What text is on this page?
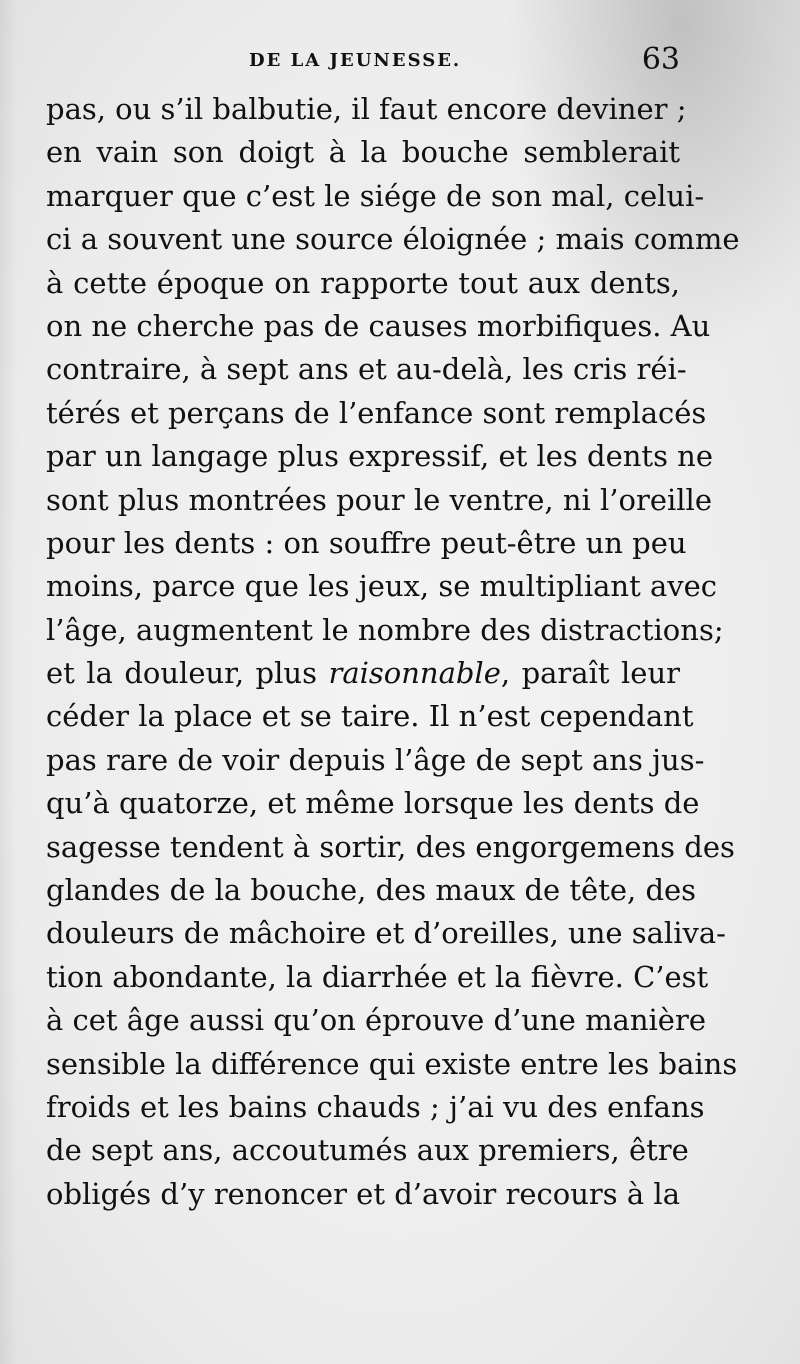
DE LA JEUNESSE.	63
pas, ou s’il balbutie, il faut encore deviner ;
en vain son doigt à la bouche semblerait
marquer que c’est le siége de son mal, celui-
ci a souvent une source éloignée ; mais comme
à cette époque on rapporte tout aux dents,
on ne cherche pas de causes morbifiques. Au
contraire, à sept ans et au-delà, les cris réi-
térés et perçans de l’enfance sont remplacés
par un langage plus expressif, et les dents ne
sont plus montrées pour le ventre, ni l’oreille
pour les dents : on souffre peut-être un peu
moins, parce que les jeux, se multipliant avec
l’âge, augmentent le nombre des distractions;
et la douleur, plus raisonnable, paraît leur
céder la place et se taire. Il n’est cependant
pas rare de voir depuis l’âge de sept ans jus-
qu’à quatorze, et même lorsque les dents de
sagesse tendent à sortir, des engorgemens des
glandes de la bouche, des maux de tête, des
douleurs de mâchoire et d’oreilles, une saliva-
tion abondante, la diarrhée et la fièvre. C’est
à cet âge aussi qu’on éprouve d’une manière
sensible la différence qui existe entre les bains
froids et les bains chauds ; j’ai vu des enfans
de sept ans, accoutumés aux premiers, être
obligés d’y renoncer et d’avoir recours à la
